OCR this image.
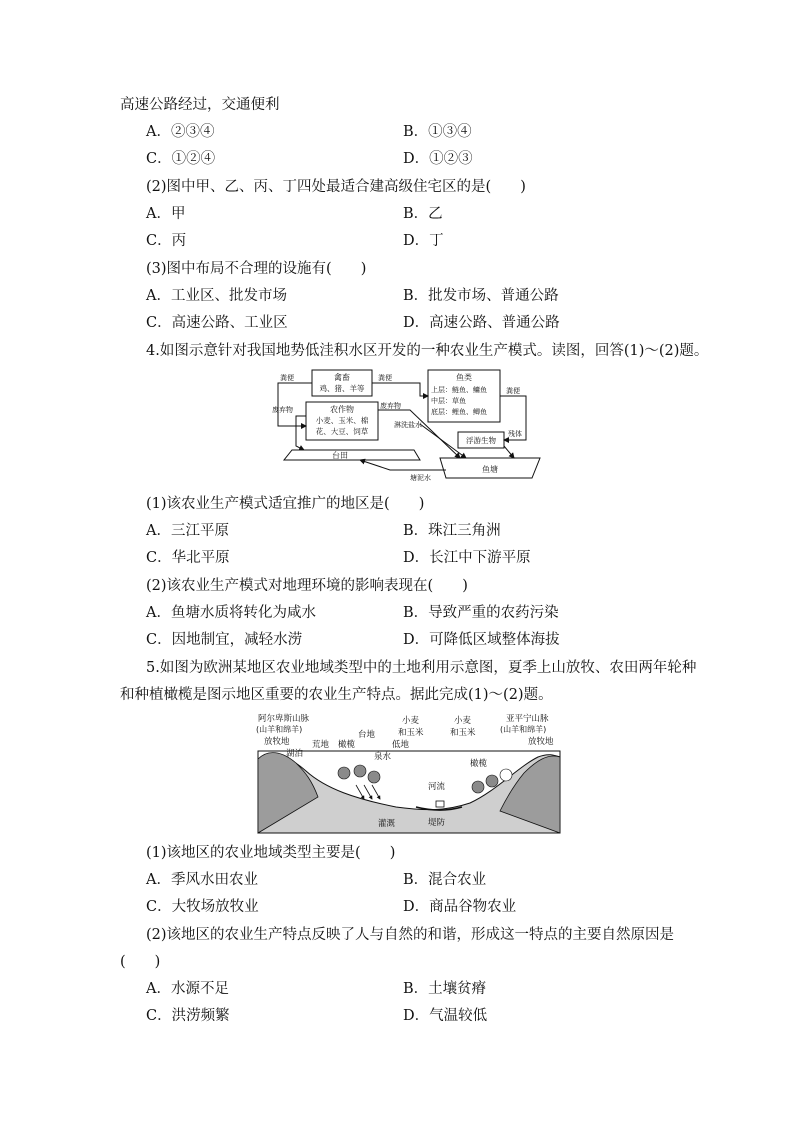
高速公路经过，交通便利
A．②③④	B．①③④
C．①②④	D．①②③
(2)图中甲、乙、丙、丁四处最适合建高级住宅区的是(　　)
A．甲	B．乙
C．丙	D．丁
(3)图中布局不合理的设施有(　　)
A．工业区、批发市场	B．批发市场、普通公路
C．高速公路、工业区	D．高速公路、普通公路
4.如图示意针对我国地势低洼积水区开发的一种农业生产模式。读图，回答(1)～(2)题。
禽畜
鸡、猪、羊等
农作物
小麦、玉米、棉
花、大豆、饲草
鱼类
上层：鲢鱼、鳙鱼
中层：草鱼
底层：鲤鱼、鲫鱼
浮游生物
台田
鱼塘
粪便
废弃物
粪便
废弃物
淋洗盐水
粪便
残体
塘泥水
(1)该农业生产模式适宜推广的地区是(　　)
A．三江平原	B．珠江三角洲
C．华北平原	D．长江中下游平原
(2)该农业生产模式对地理环境的影响表现在(　　)
A．鱼塘水质将转化为咸水	B．导致严重的农药污染
C．因地制宜，减轻水涝	D．可降低区域整体海拔
5.如图为欧洲某地区农业地域类型中的土地利用示意图，夏季上山放牧、农田两年轮种
和种植橄榄是图示地区重要的农业生产特点。据此完成(1)～(2)题。
阿尔卑斯山脉
(山羊和绵羊)
放牧地
湖泊
荒地 橄榄
台地
低地
泉水
小麦
和玉米
小麦
和玉米
亚平宁山脉
(山羊和绵羊)
放牧地
橄榄
河流
灌溉	堤防
(1)该地区的农业地域类型主要是(　　)
A．季风水田农业	B．混合农业
C．大牧场放牧业	D．商品谷物农业
(2)该地区的农业生产特点反映了人与自然的和谐，形成这一特点的主要自然原因是
(　　)
A．水源不足	B．土壤贫瘠
C．洪涝频繁	D．气温较低
